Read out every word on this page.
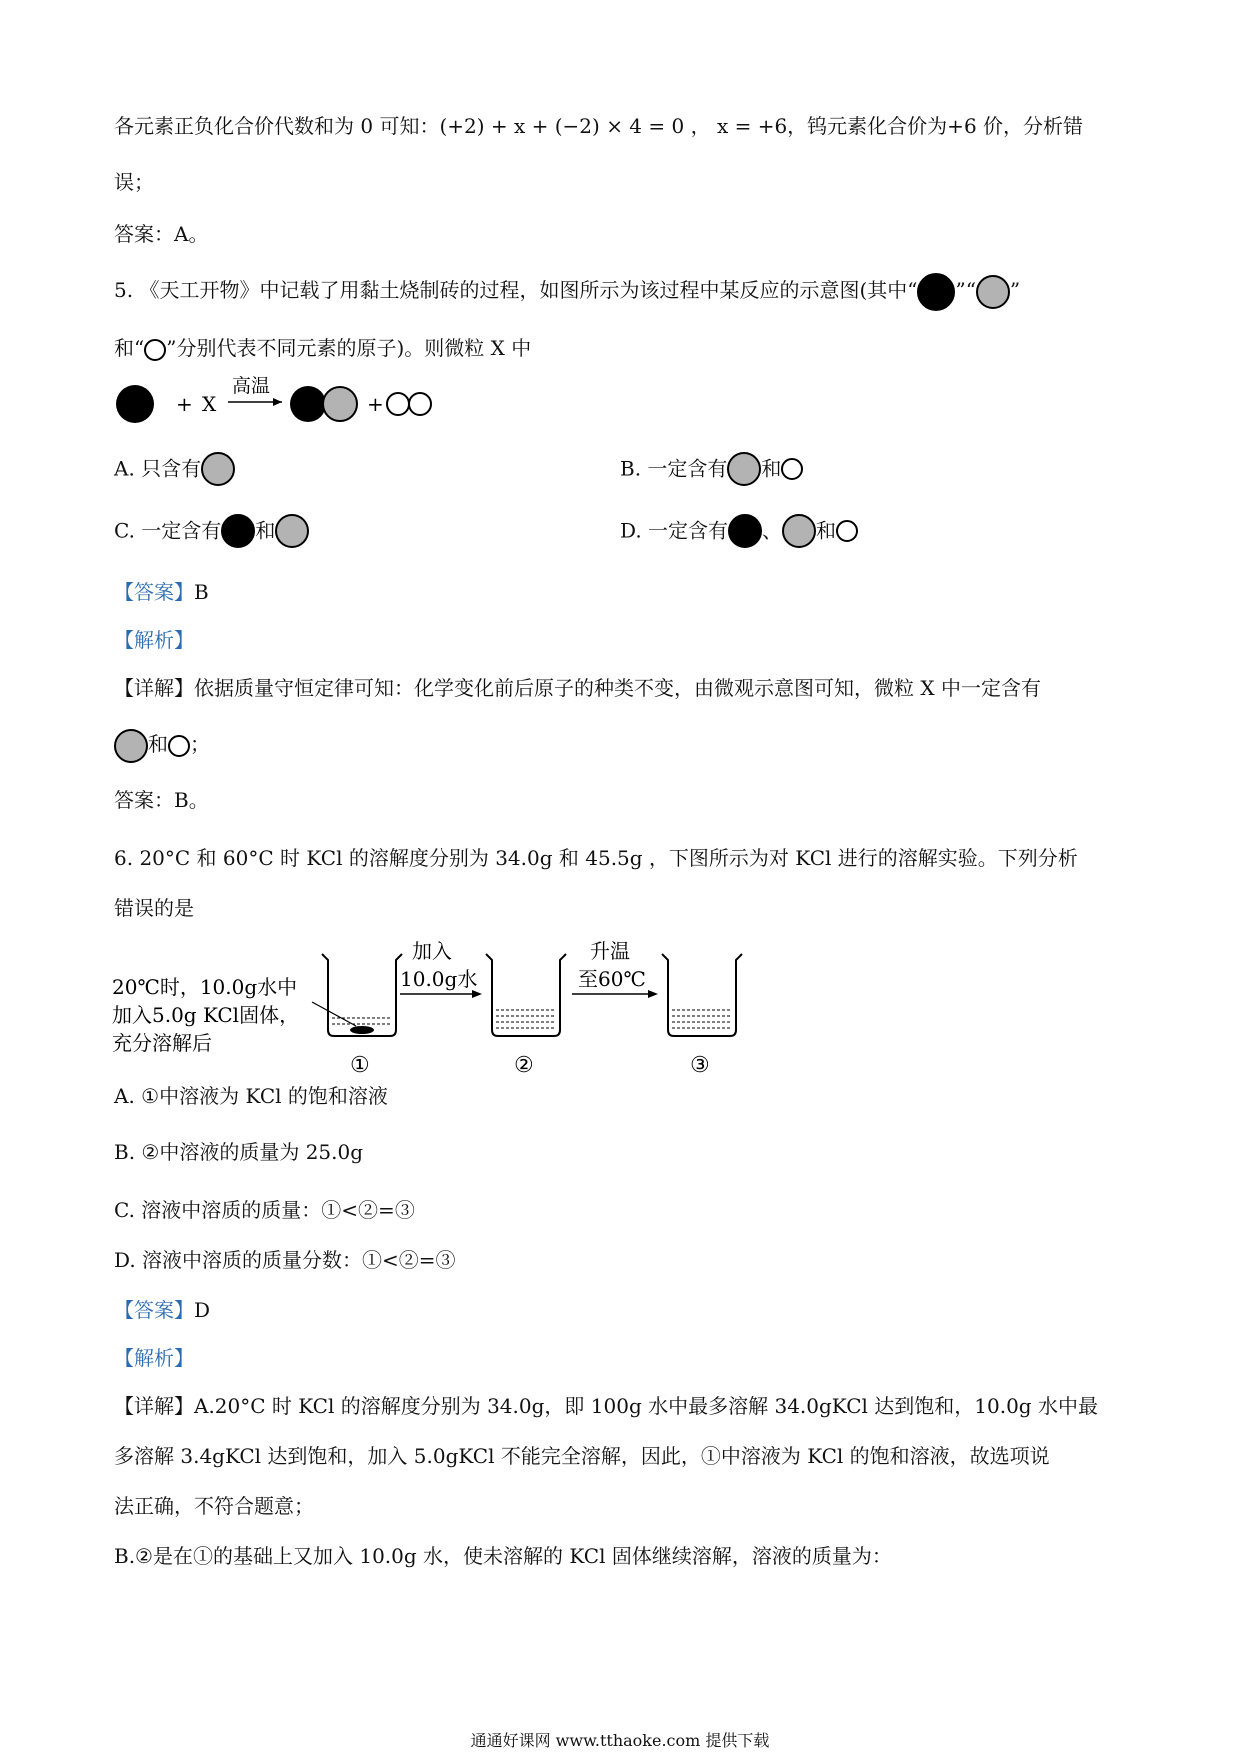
各元素正负化合价代数和为 0 可知：(+2) + x + (−2) × 4 = 0 ， x = +6，钨元素化合价为+6 价，分析错
误；
答案：A。
5. 《天工开物》中记载了用黏土烧制砖的过程，如图所示为该过程中某反应的示意图(其中“ ”“ ”
和“ ”分别代表不同元素的原子)。则微粒 X 中
+ X
高温
+
A. 只含有	B. 一定含有 和
C. 一定含有 和	D. 一定含有 、 和
【答案】B
【解析】
【详解】依据质量守恒定律可知：化学变化前后原子的种类不变，由微观示意图可知，微粒 X 中一定含有
和 ；
答案：B。
6. 20°C 和 60°C 时 KCl 的溶解度分别为 34.0g 和 45.5g ，下图所示为对 KCl 进行的溶解实验。下列分析
错误的是
20℃时，10.0g水中
加入5.0g KCl固体，
充分溶解后
①
加入
10.0g水
②
升温
至60℃
③
A. ①中溶液为 KCl 的饱和溶液
B. ②中溶液的质量为 25.0g
C. 溶液中溶质的质量：①<②=③
D. 溶液中溶质的质量分数：①<②=③
【答案】D
【解析】
【详解】A.20°C 时 KCl 的溶解度分别为 34.0g，即 100g 水中最多溶解 34.0gKCl 达到饱和，10.0g 水中最
多溶解 3.4gKCl 达到饱和，加入 5.0gKCl 不能完全溶解，因此，①中溶液为 KCl 的饱和溶液，故选项说
法正确，不符合题意；
B.②是在①的基础上又加入 10.0g 水，使未溶解的 KCl 固体继续溶解，溶液的质量为：
通通好课网 www.tthaoke.com 提供下载
